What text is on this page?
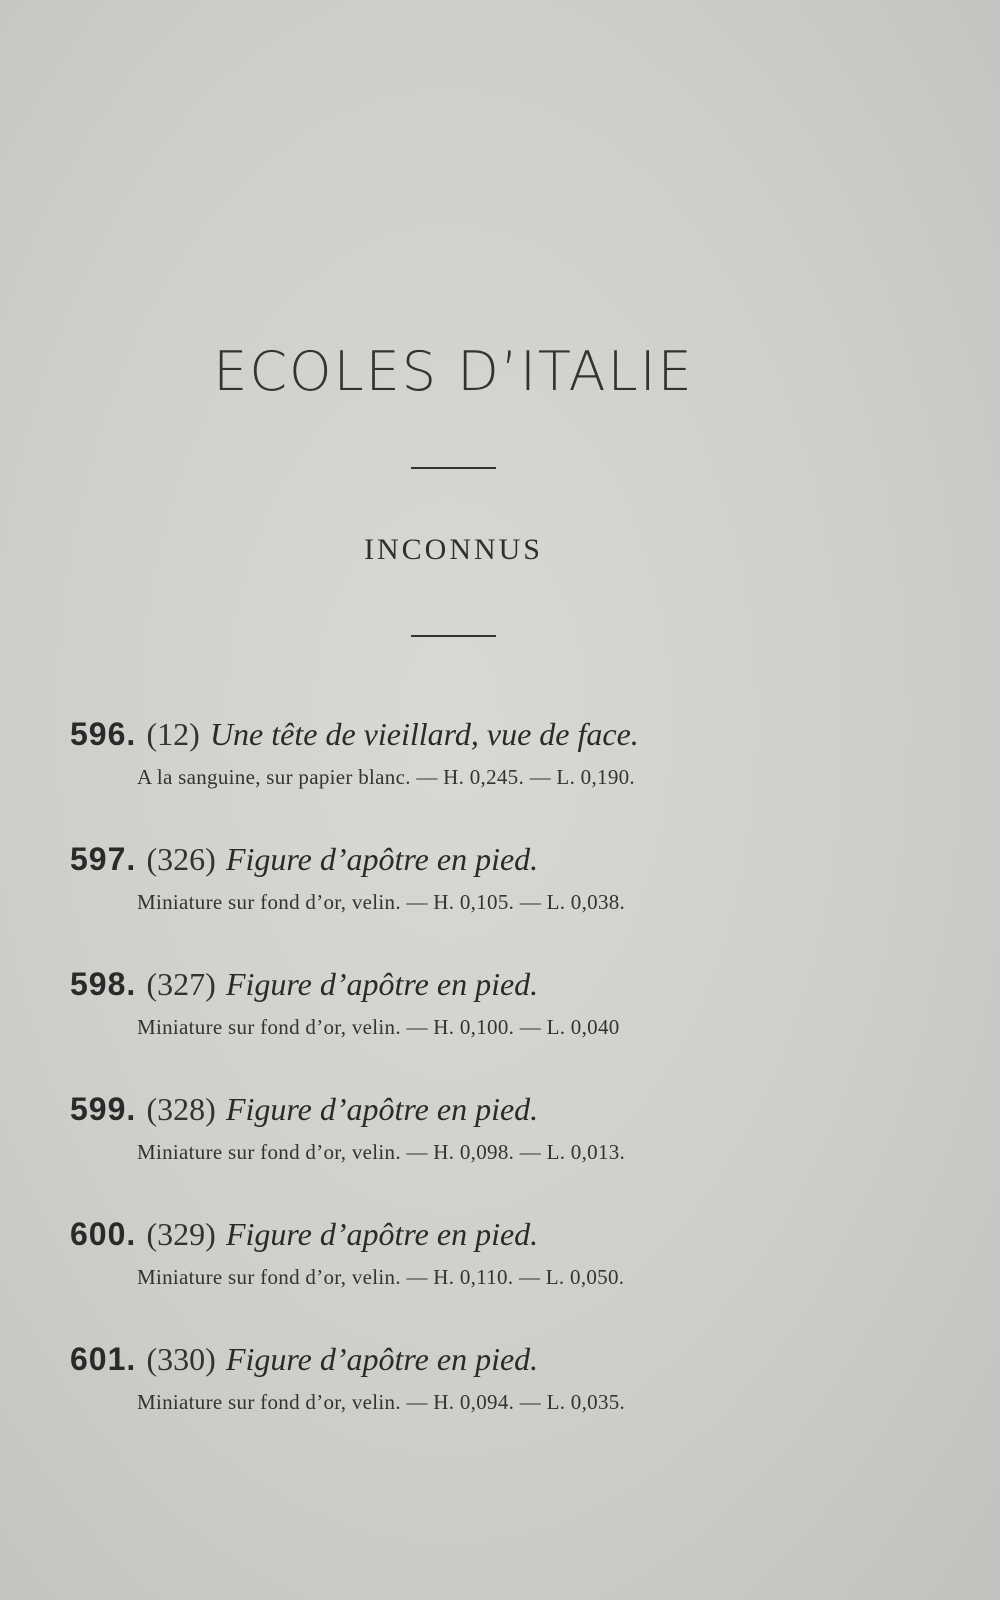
ECOLES D’ITALIE
INCONNUS
596. (12) Une tête de vieillard, vue de face.
A la sanguine, sur papier blanc. — H. 0,245. — L. 0,190.
597. (326) Figure d’apôtre en pied.
Miniature sur fond d’or, velin. — H. 0,105. — L. 0,038.
598. (327) Figure d’apôtre en pied.
Miniature sur fond d’or, velin. — H. 0,100. — L. 0,040
599. (328) Figure d’apôtre en pied.
Miniature sur fond d’or, velin. — H. 0,098. — L. 0,013.
600. (329) Figure d’apôtre en pied.
Miniature sur fond d’or, velin. — H. 0,110. — L. 0,050.
601. (330) Figure d’apôtre en pied.
Miniature sur fond d’or, velin. — H. 0,094. — L. 0,035.
